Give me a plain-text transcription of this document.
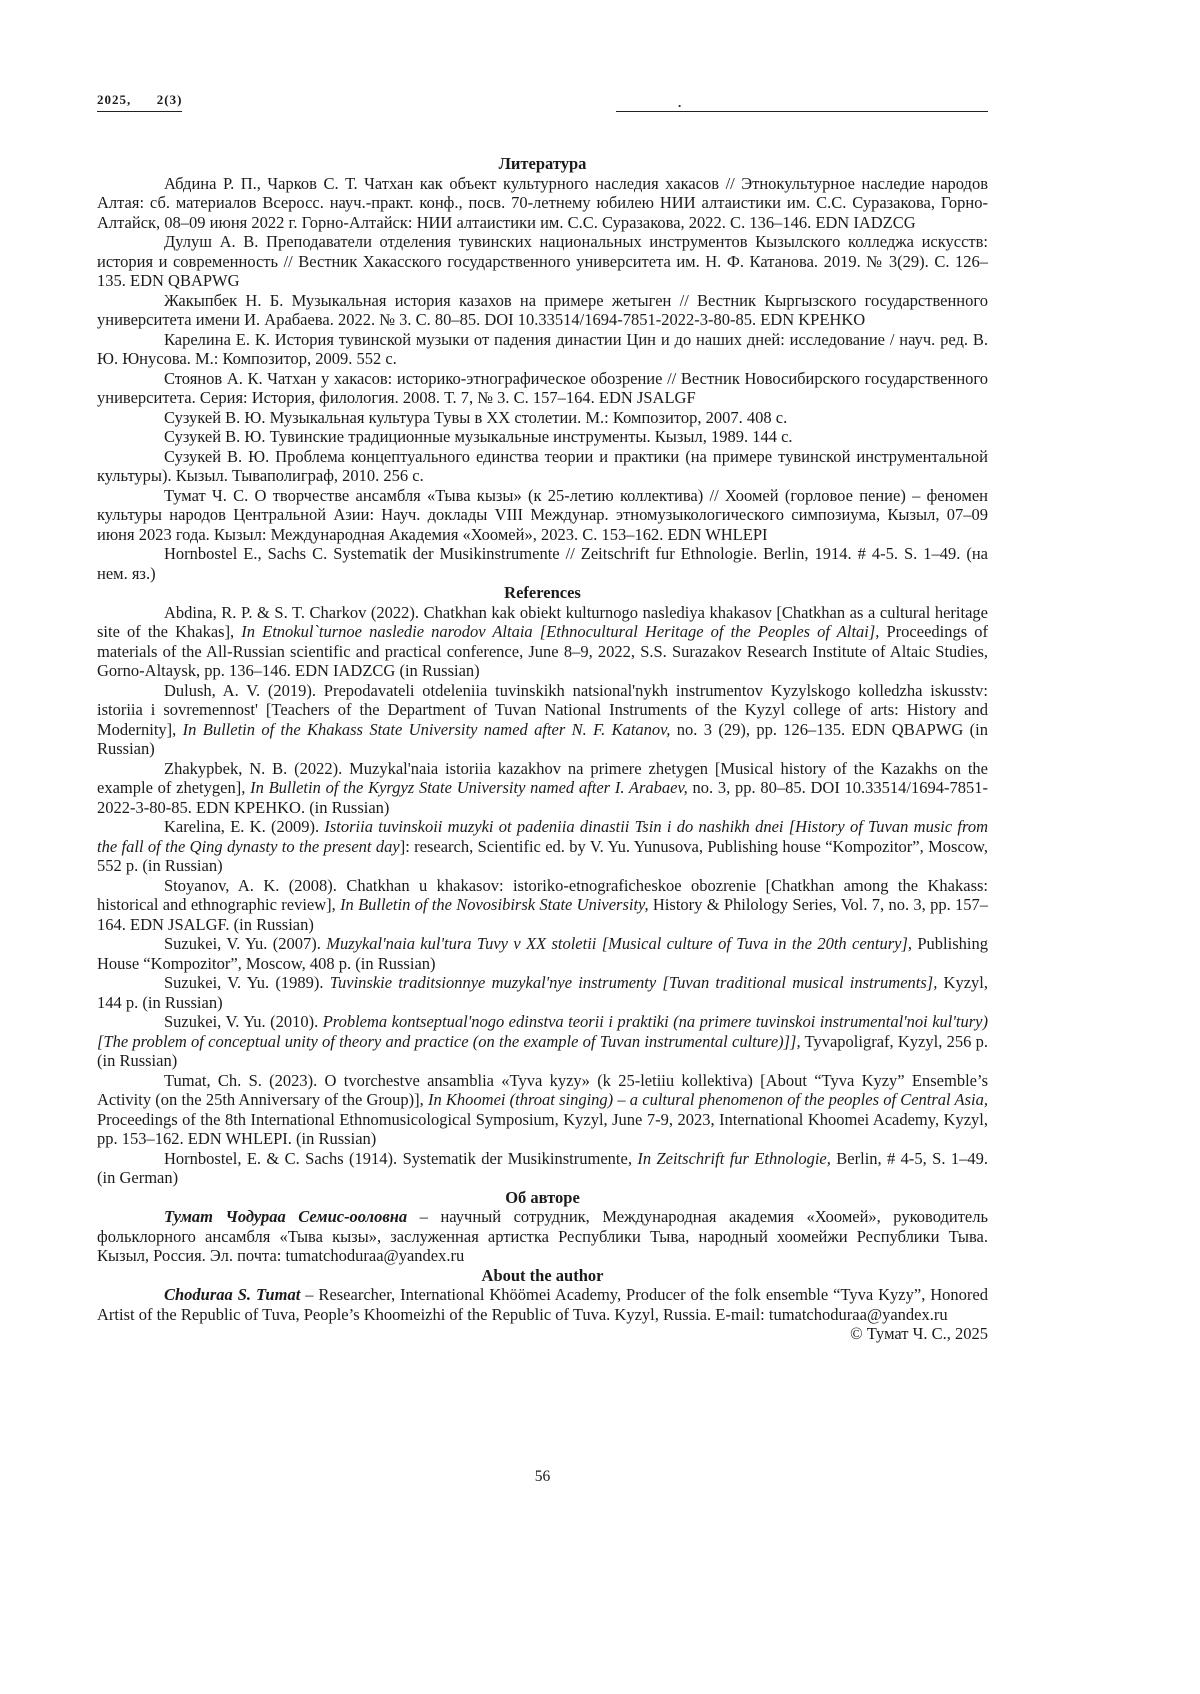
2025,      2(3)	.
Литература

Абдина Р. П., Чарков С. Т. Чатхан как объект культурного наследия хакасов // Этнокультурное наследие народов Алтая: сб. материалов Всеросс. науч.-практ. конф., посв. 70-летнему юбилею НИИ алтаистики им. С.С. Суразакова, Горно-Алтайск, 08–09 июня 2022 г. Горно-Алтайск: НИИ алтаистики им. С.С. Суразакова, 2022. С. 136–146. EDN IADZCG

Дулуш А. В. Преподаватели отделения тувинских национальных инструментов Кызылского колледжа искусств: история и современность // Вестник Хакасского государственного университета им. Н. Ф. Катанова. 2019. № 3(29). С. 126–135. EDN QBAPWG

Жакыпбек Н. Б. Музыкальная история казахов на примере жетыген // Вестник Кыргызского государственного университета имени И. Арабаева. 2022. № 3. С. 80–85. DOI 10.33514/1694-7851-2022-3-80-85. EDN KPEHKO

Карелина Е. К. История тувинской музыки от падения династии Цин и до наших дней: исследование / науч. ред. В. Ю. Юнусова. М.: Композитор, 2009. 552 с.

Стоянов А. К. Чатхан у хакасов: историко-этнографическое обозрение // Вестник Новосибирского государственного университета. Серия: История, филология. 2008. Т. 7, № 3. С. 157–164. EDN JSALGF

Сузукей В. Ю. Музыкальная культура Тувы в XX столетии. М.: Композитор, 2007. 408 с.

Сузукей В. Ю. Тувинские традиционные музыкальные инструменты. Кызыл, 1989. 144 с.

Сузукей В. Ю. Проблема концептуального единства теории и практики (на примере тувинской инструментальной культуры). Кызыл. Тываполиграф, 2010. 256 с.

Тумат Ч. С. О творчестве ансамбля «Тыва кызы» (к 25-летию коллектива) // Хоомей (горловое пение) – феномен культуры народов Центральной Азии: Науч. доклады VIII Междунар. этномузыкологического симпозиума, Кызыл, 07–09 июня 2023 года. Кызыл: Международная Академия «Хоомей», 2023. С. 153–162. EDN WHLEPI

Hornbostel E., Sachs C. Systematik der Musikinstrumente // Zeitschrift fur Ethnologie. Berlin, 1914. # 4-5. S. 1–49. (на нем. яз.)

References

Abdina, R. P. & S. T. Charkov (2022). Chatkhan kak obiekt kulturnogo naslediya khakasov [Chatkhan as a cultural heritage site of the Khakas], In Etnokul`turnoe nasledie narodov Altaia [Ethnocultural Heritage of the Peoples of Altai], Proceedings of materials of the All-Russian scientific and practical conference, June 8–9, 2022, S.S. Surazakov Research Institute of Altaic Studies, Gorno-Altaysk, pp. 136–146. EDN IADZCG (in Russian)

Dulush, A. V. (2019). Prepodavateli otdeleniia tuvinskikh natsional'nykh instrumentov Kyzylskogo kolledzha iskusstv: istoriia i sovremennost' [Teachers of the Department of Tuvan National Instruments of the Kyzyl college of arts: History and Modernity], In Bulletin of the Khakass State University named after N. F. Katanov, no. 3 (29), pp. 126–135. EDN QBAPWG (in Russian)

Zhakypbek, N. B. (2022). Muzykal'naia istoriia kazakhov na primere zhetygen [Musical history of the Kazakhs on the example of zhetygen], In Bulletin of the Kyrgyz State University named after I. Arabaev, no. 3, pp. 80–85. DOI 10.33514/1694-7851-2022-3-80-85. EDN KPEHKO. (in Russian)

Karelina, E. K. (2009). Istoriia tuvinskoii muzyki ot padeniia dinastii Tsin i do nashikh dnei [History of Tuvan music from the fall of the Qing dynasty to the present day]: research, Scientific ed. by V. Yu. Yunusova, Publishing house “Kompozitor”, Moscow, 552 p. (in Russian)

Stoyanov, A. K. (2008). Chatkhan u khakasov: istoriko-etnograficheskoe obozrenie [Chatkhan among the Khakass: historical and ethnographic review], In Bulletin of the Novosibirsk State University, History & Philology Series, Vol. 7, no. 3, pp. 157–164. EDN JSALGF. (in Russian)

Suzukei, V. Yu. (2007). Muzykal'naia kul'tura Tuvy v XX stoletii [Musical culture of Tuva in the 20th century], Publishing House “Kompozitor”, Moscow, 408 p. (in Russian)

Suzukei, V. Yu. (1989). Tuvinskie traditsionnye muzykal'nye instrumenty [Tuvan traditional musical instruments], Kyzyl, 144 p. (in Russian)

Suzukei, V. Yu. (2010). Problema kontseptual'nogo edinstva teorii i praktiki (na primere tuvinskoi instrumental'noi kul'tury) [The problem of conceptual unity of theory and practice (on the example of Tuvan instrumental culture)]], Tyvapoligraf, Kyzyl, 256 p. (in Russian)

Tumat, Ch. S. (2023). O tvorchestve ansamblia «Tyva kyzy» (k 25-letiiu kollektiva) [About “Tyva Kyzy” Ensemble’s Activity (on the 25th Anniversary of the Group)], In Khoomei (throat singing) – a cultural phenomenon of the peoples of Central Asia, Proceedings of the 8th International Ethnomusicological Symposium, Kyzyl, June 7-9, 2023, International Khoomei Academy, Kyzyl, pp. 153–162. EDN WHLEPI. (in Russian)

Hornbostel, E. & C. Sachs (1914). Systematik der Musikinstrumente, In Zeitschrift fur Ethnologie, Berlin, # 4-5, S. 1–49. (in German)

Об авторе

Тумат Чодураа Семис-ооловна – научный сотрудник, Международная академия «Хоомей», руководитель фольклорного ансамбля «Тыва кызы», заслуженная артистка Республики Тыва, народный хоомейжи Республики Тыва. Кызыл, Россия. Эл. почта: tumatchoduraa@yandex.ru

About the author

Choduraa S. Tumat – Researcher, International Khöömei Academy, Producer of the folk ensemble “Tyva Kyzy”, Honored Artist of the Republic of Tuva, People’s Khoomeizhi of the Republic of Tuva. Kyzyl, Russia. E-mail: tumatchoduraa@yandex.ru

© Тумат Ч. С., 2025

56
